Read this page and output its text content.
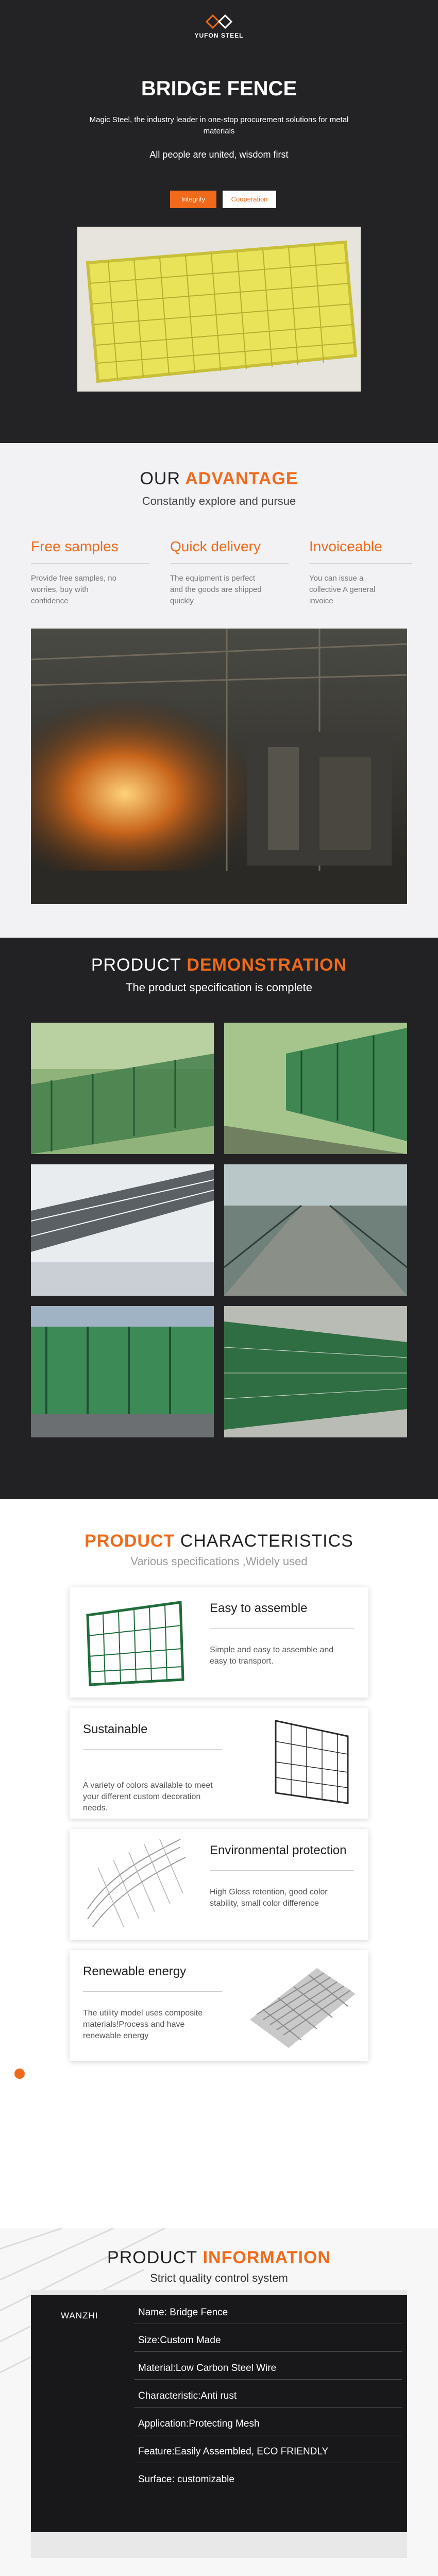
YUFON STEEL
BRIDGE FENCE
Magic Steel, the industry leader in one-stop procurement solutions for metal materials
All people are united, wisdom first
Integrity	Cooperation
OUR ADVANTAGE
Constantly explore and pursue
Free samples
Provide free samples, no worries, buy with confidence
Quick delivery
The equipment is perfect and the goods are shipped quickly
Invoiceable
You can issue a collective A general invoice
PRODUCT DEMONSTRATION
The product specification is complete
PRODUCT CHARACTERISTICS
Various specifications ,Widely used
Easy to assemble
Simple and easy to assemble and easy to transport.
Sustainable
A variety of colors available to meet your different custom decoration needs.
Environmental protection
High Gloss retention, good color stability, small color difference
Renewable energy
The utility model uses composite materials!Process and have renewable energy
PRODUCT INFORMATION
Strict quality control system
WANZHI	Name: Bridge Fence
Size:Custom Made
Material:Low Carbon Steel Wire
Characteristic:Anti rust
Application:Protecting Mesh
Feature:Easily Assembled, ECO FRIENDLY
Surface: customizable
